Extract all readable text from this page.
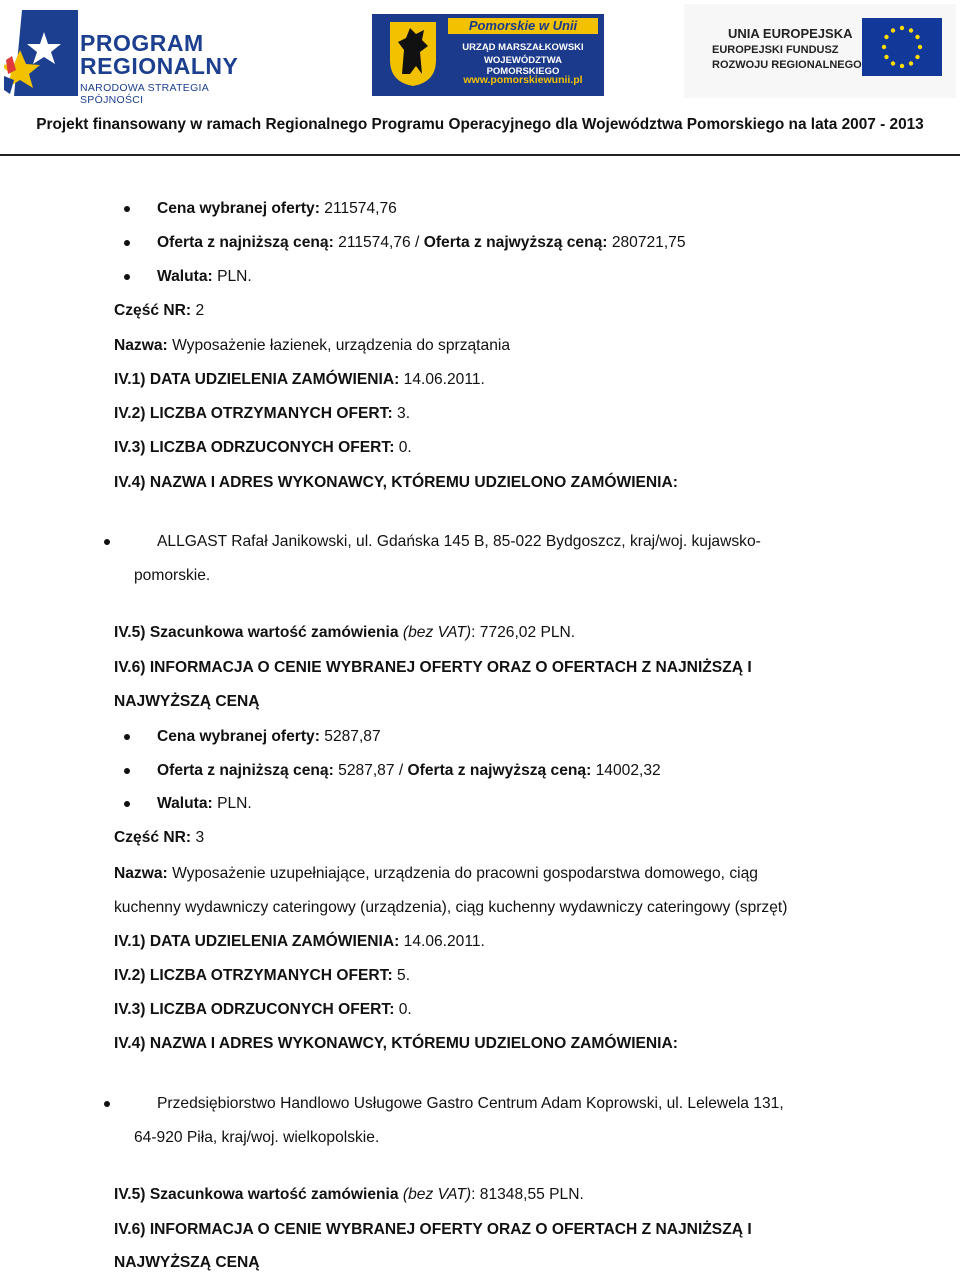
PROGRAM
REGIONALNY
NARODOWA STRATEGIA SPÓJNOŚCI
Pomorskie w Unii
URZĄD MARSZAŁKOWSKI
WOJEWÓDZTWA POMORSKIEGO
www.pomorskiewunii.pl
UNIA EUROPEJSKA
EUROPEJSKI FUNDUSZ
ROZWOJU REGIONALNEGO
Projekt finansowany w ramach Regionalnego Programu Operacyjnego dla Województwa Pomorskiego na lata 2007 - 2013
Cena wybranej oferty: 211574,76
Oferta z najniższą ceną: 211574,76 / Oferta z najwyższą ceną: 280721,75
Waluta: PLN.
Część NR: 2
Nazwa: Wyposażenie łazienek, urządzenia do sprzątania
IV.1) DATA UDZIELENIA ZAMÓWIENIA: 14.06.2011.
IV.2) LICZBA OTRZYMANYCH OFERT: 3.
IV.3) LICZBA ODRZUCONYCH OFERT: 0.
IV.4) NAZWA I ADRES WYKONAWCY, KTÓREMU UDZIELONO ZAMÓWIENIA:
ALLGAST Rafał Janikowski, ul. Gdańska 145 B, 85-022 Bydgoszcz, kraj/woj. kujawsko-
pomorskie.
IV.5) Szacunkowa wartość zamówienia (bez VAT): 7726,02 PLN.
IV.6) INFORMACJA O CENIE WYBRANEJ OFERTY ORAZ O OFERTACH Z NAJNIŻSZĄ I
NAJWYŻSZĄ CENĄ
Cena wybranej oferty: 5287,87
Oferta z najniższą ceną: 5287,87 / Oferta z najwyższą ceną: 14002,32
Waluta: PLN.
Część NR: 3
Nazwa: Wyposażenie uzupełniające, urządzenia do pracowni gospodarstwa domowego, ciąg
kuchenny wydawniczy cateringowy (urządzenia), ciąg kuchenny wydawniczy cateringowy (sprzęt)
IV.1) DATA UDZIELENIA ZAMÓWIENIA: 14.06.2011.
IV.2) LICZBA OTRZYMANYCH OFERT: 5.
IV.3) LICZBA ODRZUCONYCH OFERT: 0.
IV.4) NAZWA I ADRES WYKONAWCY, KTÓREMU UDZIELONO ZAMÓWIENIA:
Przedsiębiorstwo Handlowo Usługowe Gastro Centrum Adam Koprowski, ul. Lelewela 131,
64-920 Piła, kraj/woj. wielkopolskie.
IV.5) Szacunkowa wartość zamówienia (bez VAT): 81348,55 PLN.
IV.6) INFORMACJA O CENIE WYBRANEJ OFERTY ORAZ O OFERTACH Z NAJNIŻSZĄ I
NAJWYŻSZĄ CENĄ
